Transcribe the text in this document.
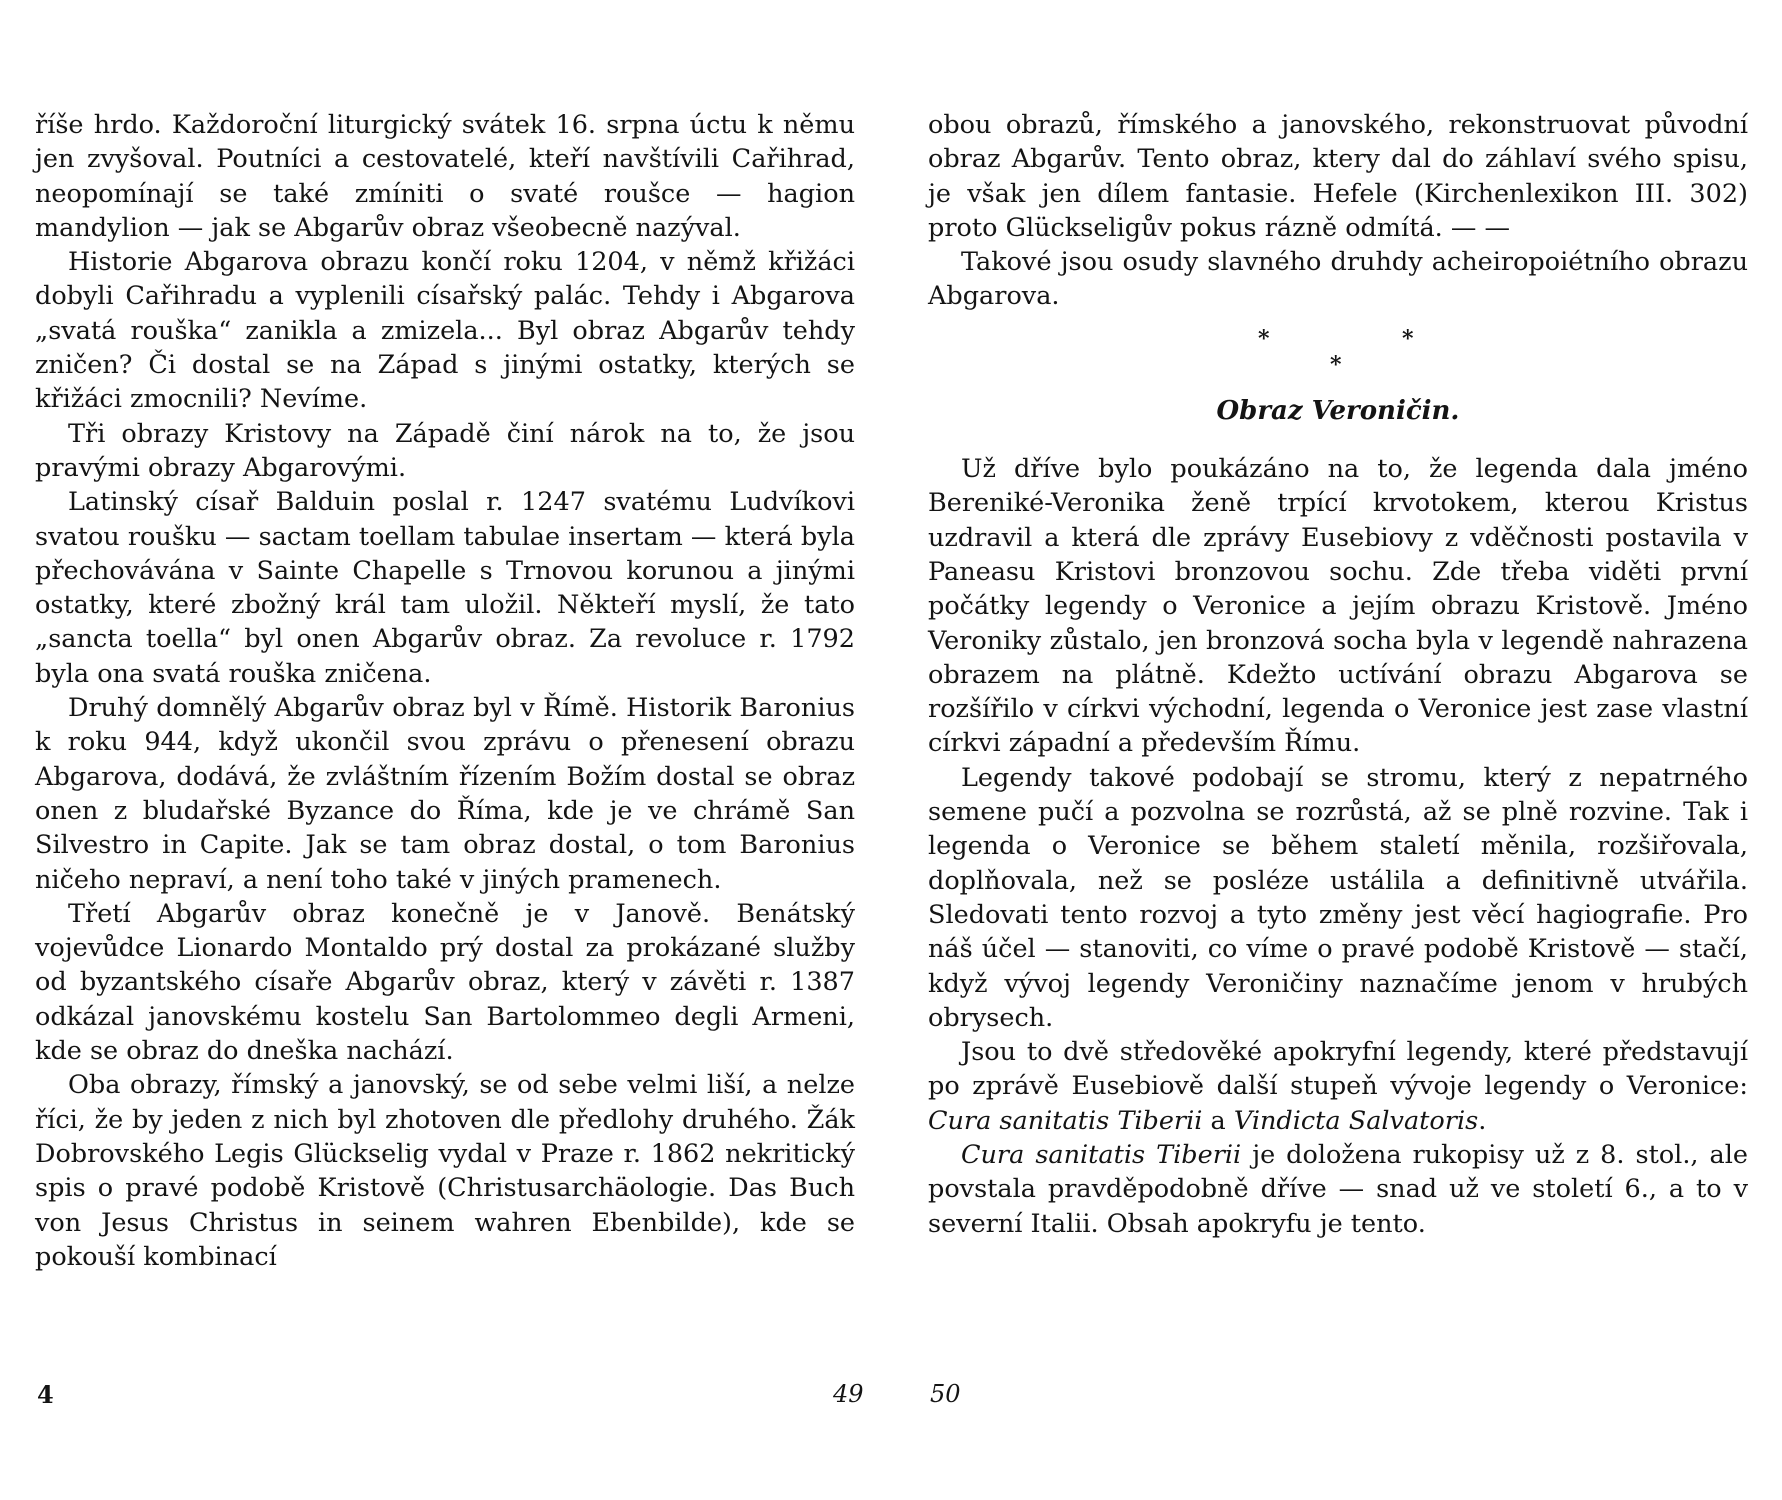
říše hrdo. Každoroční liturgický svátek 16. srpna úctu k němu jen zvyšoval. Poutníci a cestovatelé, kteří navštívili Cařihrad, neopomínají se také zmíniti o svaté roušce — hagion mandylion — jak se Abgarův obraz všeobecně nazýval.

Historie Abgarova obrazu končí roku 1204, v němž křižáci dobyli Cařihradu a vyplenili císařský palác. Tehdy i Abgarova „svatá rouška“ zanikla a zmizela... Byl obraz Abgarův tehdy zničen? Či dostal se na Západ s jinými ostatky, kterých se křižáci zmocnili? Nevíme.

Tři obrazy Kristovy na Západě činí nárok na to, že jsou pravými obrazy Abgarovými.

Latinský císař Balduin poslal r. 1247 svatému Ludvíkovi svatou roušku — sactam toellam tabulae insertam — která byla přechovávána v Sainte Chapelle s Trnovou korunou a jinými ostatky, které zbožný král tam uložil. Někteří myslí, že tato „sancta toella“ byl onen Abgarův obraz. Za revoluce r. 1792 byla ona svatá rouška zničena.

Druhý domnělý Abgarův obraz byl v Římě. Historik Baronius k roku 944, když ukončil svou zprávu o přenesení obrazu Abgarova, dodává, že zvláštním řízením Božím dostal se obraz onen z bludařské Byzance do Říma, kde je ve chrámě San Silvestro in Capite. Jak se tam obraz dostal, o tom Baronius ničeho nepraví, a není toho také v jiných pramenech.

Třetí Abgarův obraz konečně je v Janově. Benátský vojevůdce Lionardo Montaldo prý dostal za prokázané služby od byzantského císaře Abgarův obraz, který v závěti r. 1387 odkázal janovskému kostelu San Bartolommeo degli Armeni, kde se obraz do dneška nachází.

Oba obrazy, římský a janovský, se od sebe velmi liší, a nelze říci, že by jeden z nich byl zhotoven dle předlohy druhého. Žák Dobrovského Legis Glückselig vydal v Praze r. 1862 nekritický spis o pravé podobě Kristově (Christusarchäologie. Das Buch von Jesus Christus in seinem wahren Ebenbilde), kde se pokouší kombinací

4	49

obou obrazů, římského a janovského, rekonstruovat původní obraz Abgarův. Tento obraz, ktery dal do záhlaví svého spisu, je však jen dílem fantasie. Hefele (Kirchenlexikon III. 302) proto Glückseligův pokus rázně odmítá. — —

Takové jsou osudy slavného druhdy acheiropoiétního obrazu Abgarova.

*	*
*

Obraz Veroničin.

Už dříve bylo poukázáno na to, že legenda dala jméno Bereniké-Veronika ženě trpící krvotokem, kterou Kristus uzdravil a která dle zprávy Eusebiovy z vděčnosti postavila v Paneasu Kristovi bronzovou sochu. Zde třeba viděti první počátky legendy o Veronice a jejím obrazu Kristově. Jméno Veroniky zůstalo, jen bronzová socha byla v legendě nahrazena obrazem na plátně. Kdežto uctívání obrazu Abgarova se rozšířilo v církvi východní, legenda o Veronice jest zase vlastní církvi západní a především Římu.

Legendy takové podobají se stromu, který z nepatrného semene pučí a pozvolna se rozrůstá, až se plně rozvine. Tak i legenda o Veronice se během staletí měnila, rozšiřovala, doplňovala, než se posléze ustálila a definitivně utvářila. Sledovati tento rozvoj a tyto změny jest věcí hagiografie. Pro náš účel — stanoviti, co víme o pravé podobě Kristově — stačí, když vývoj legendy Veroničiny naznačíme jenom v hrubých obrysech.

Jsou to dvě středověké apokryfní legendy, které představují po zprávě Eusebiově další stupeň vývoje legendy o Veronice: Cura sanitatis Tiberii a Vindicta Salvatoris.

Cura sanitatis Tiberii je doložena rukopisy už z 8. stol., ale povstala pravděpodobně dříve — snad už ve století 6., a to v severní Italii. Obsah apokryfu je tento.

50
